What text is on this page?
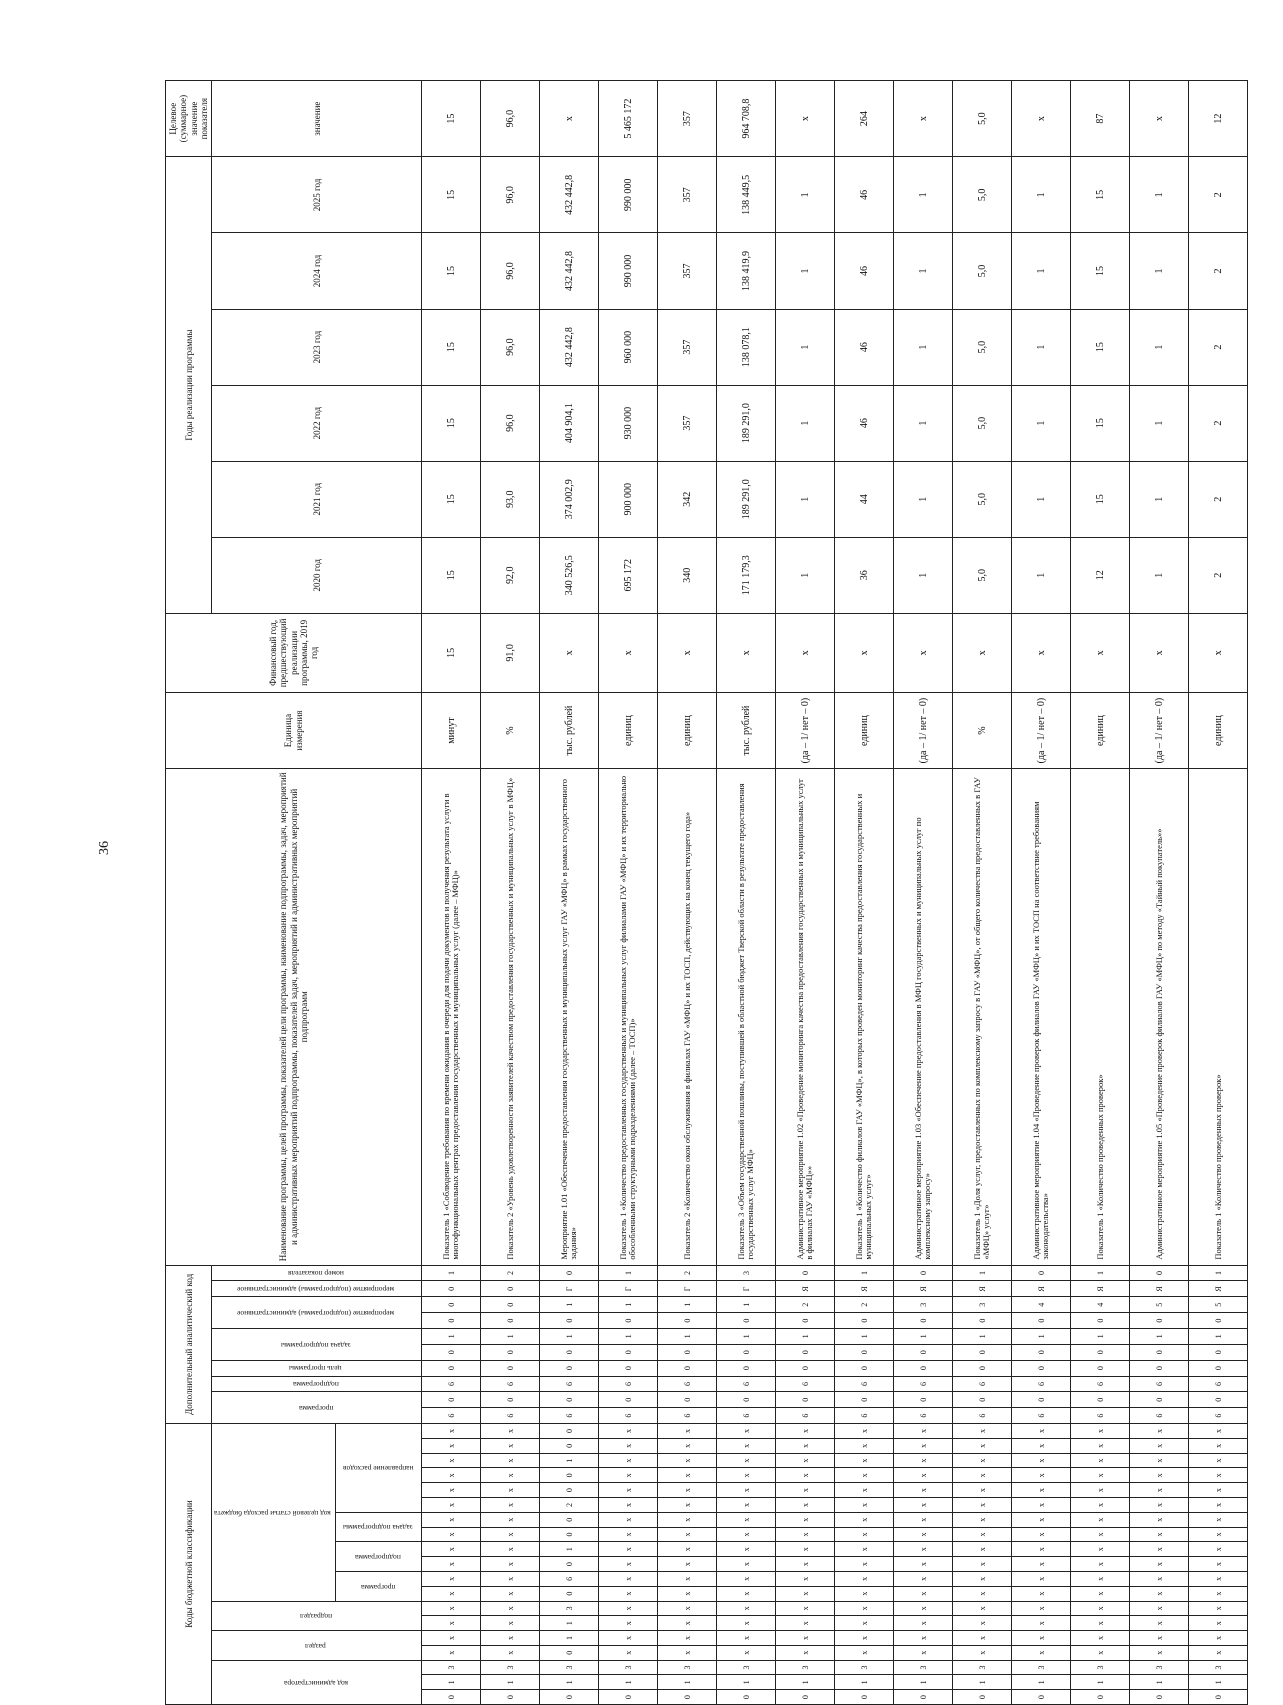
36
Коды бюджетной классификации																			Дополнительный аналитический код										Наименование программы, целей программы, показателей цели программы, наименование подпрограммы, задач, мероприятий и административных мероприятий подпрограммы, показателей задач, мероприятий и административных мероприятий подпрограмм	Единица измерения	Финансовый год, предшествующий реализации программы, 2019 год	Годы реализации программы						Целевое (суммарное) значение показателя
код администратора			раздел		подраздел		код целевой статьи расхода бюджета												программа		подпрограмма	цель программы	задача подпрограммы		мероприятие (подпрограммы) административное		мероприятие (подпрограммы) административное	номер показателя				2020 год	2021 год	2022 год	2023 год	2024 год	2025 год	значение
							программа		подпрограмма		задача подпрограммы		направление расходов																									
0	1	3	х	х	х	х	х	х	х	х	х	х	х	х	х	х	х	х	6	0	6	0	0	1	0	0	0	1	Показатель 1 «Соблюдение требования по времени ожидания в очереди для подачи документов и получения результата услуги в многофункциональных центрах предоставления государственных и муниципальных услуг (далее – МФЦ)»	минут	15	15	15	15	15	15	15	15
0	1	3	х	х	х	х	х	х	х	х	х	х	х	х	х	х	х	х	6	0	6	0	0	1	0	0	0	2	Показатель 2 «Уровень удовлетворенности заявителей качеством предоставления государственных и муниципальных услуг в МФЦ»	%	91,0	92,0	93,0	96,0	96,0	96,0	96,0	96,0
0	1	3	0	1	1	3	0	6	0	1	0	0	2	0	0	1	0	0	6	0	6	0	0	1	0	1	Г	0	Мероприятие 1.01 «Обеспечение предоставления государственных и муниципальных услуг ГАУ «МФЦ» в рамках государственного задания»	тыс. рублей	х	340 526,5	374 002,9	404 904,1	432 442,8	432 442,8	432 442,8	х
0	1	3	х	х	х	х	х	х	х	х	х	х	х	х	х	х	х	х	6	0	6	0	0	1	0	1	Г	1	Показатель 1 «Количество предоставленных государственных и муниципальных услуг филиалами ГАУ «МФЦ» и их территориально обособленными структурными подразделениями (далее – ТОСП)»	единиц	х	695 172	900 000	930 000	960 000	990 000	990 000	5 465 172
0	1	3	х	х	х	х	х	х	х	х	х	х	х	х	х	х	х	х	6	0	6	0	0	1	0	1	Г	2	Показатель 2 «Количество окон обслуживания в филиалах ГАУ «МФЦ» и их ТОСП, действующих на конец текущего года»	единиц	х	340	342	357	357	357	357	357
0	1	3	х	х	х	х	х	х	х	х	х	х	х	х	х	х	х	х	6	0	6	0	0	1	0	1	Г	3	Показатель 3 «Объем государственной пошлины, поступившей в областной бюджет Тверской области в результате предоставления государственных услуг МФЦ»	тыс. рублей	х	171 179,3	189 291,0	189 291,0	138 078,1	138 419,9	138 449,5	964 708,8
0	1	3	х	х	х	х	х	х	х	х	х	х	х	х	х	х	х	х	6	0	6	0	0	1	0	2	Я	0	Административное мероприятие 1.02 «Проведение мониторинга качества предоставления государственных и муниципальных услуг в филиалах ГАУ «МФЦ»»	(да – 1/ нет – 0)	х	1	1	1	1	1	1	х
0	1	3	х	х	х	х	х	х	х	х	х	х	х	х	х	х	х	х	6	0	6	0	0	1	0	2	Я	1	Показатель 1 «Количество филиалов ГАУ «МФЦ», в которых проведен мониторинг качества предоставления государственных и муниципальных услуг»	единиц	х	36	44	46	46	46	46	264
0	1	3	х	х	х	х	х	х	х	х	х	х	х	х	х	х	х	х	6	0	6	0	0	1	0	3	Я	0	Административное мероприятие 1.03 «Обеспечение предоставления в МФЦ государственных и муниципальных услуг по комплексному запросу»	(да – 1/ нет – 0)	х	1	1	1	1	1	1	х
0	1	3	х	х	х	х	х	х	х	х	х	х	х	х	х	х	х	х	6	0	6	0	0	1	0	3	Я	1	Показатель 1 «Доля услуг, предоставленных по комплексному запросу в ГАУ «МФЦ», от общего количества предоставленных в ГАУ «МФЦ» услуг»	%	х	5,0	5,0	5,0	5,0	5,0	5,0	5,0
0	1	3	х	х	х	х	х	х	х	х	х	х	х	х	х	х	х	х	6	0	6	0	0	1	0	4	Я	0	Административное мероприятие 1.04 «Проведение проверок филиалов ГАУ «МФЦ» и их ТОСП на соответствие требованиям законодательства»	(да – 1/ нет – 0)	х	1	1	1	1	1	1	х
0	1	3	х	х	х	х	х	х	х	х	х	х	х	х	х	х	х	х	6	0	6	0	0	1	0	4	Я	1	Показатель 1 «Количество проведенных проверок»	единиц	х	12	15	15	15	15	15	87
0	1	3	х	х	х	х	х	х	х	х	х	х	х	х	х	х	х	х	6	0	6	0	0	1	0	5	Я	0	Административное мероприятие 1.05 «Проведение проверок филиалов ГАУ «МФЦ» по методу «Тайный покупатель»»	(да – 1/ нет – 0)	х	1	1	1	1	1	1	х
0	1	3	х	х	х	х	х	х	х	х	х	х	х	х	х	х	х	х	6	0	6	0	0	1	0	5	Я	1	Показатель 1 «Количество проведенных проверок»	единиц	х	2	2	2	2	2	2	12
